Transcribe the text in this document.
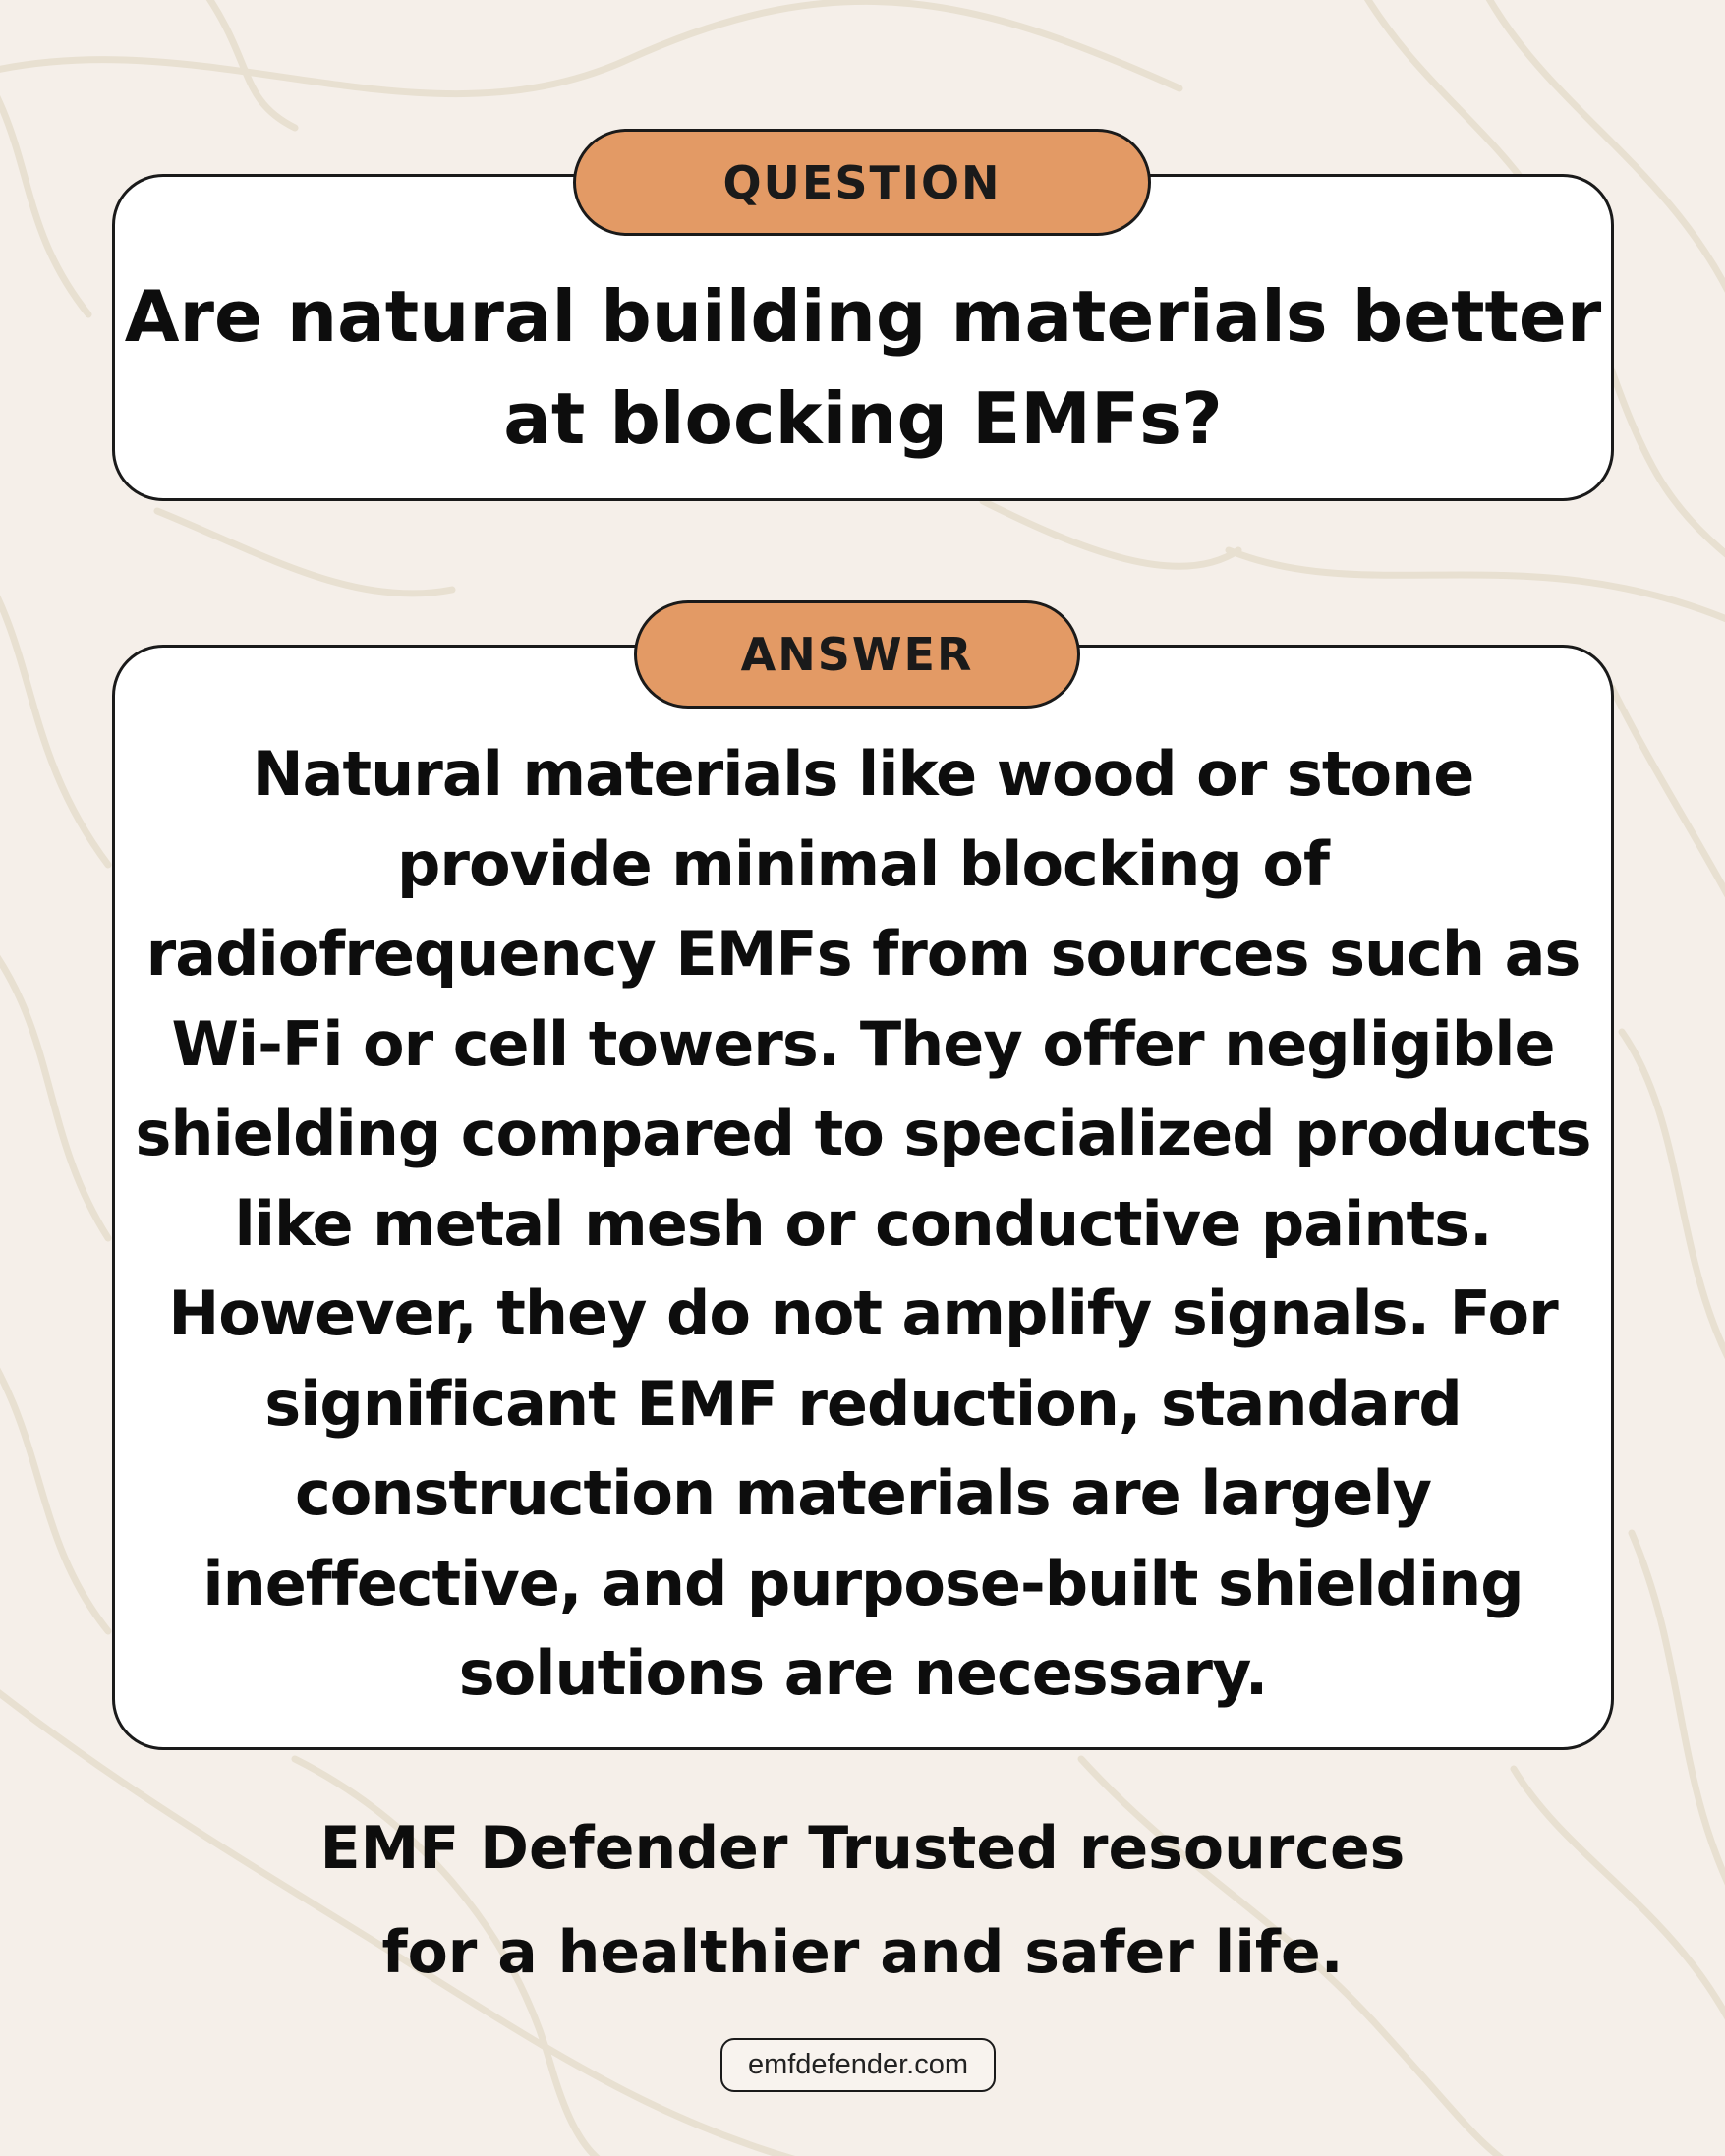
Are natural building materials better at blocking EMFs?
QUESTION
Natural materials like wood or stone provide minimal blocking of radiofrequency EMFs from sources such as Wi-Fi or cell towers. They offer negligible shielding compared to specialized products like metal mesh or conductive paints. However, they do not amplify signals. For significant EMF reduction, standard construction materials are largely ineffective, and purpose-built shielding solutions are necessary.
ANSWER
EMF Defender Trusted resources
for a healthier and safer life.
emfdefender.com
